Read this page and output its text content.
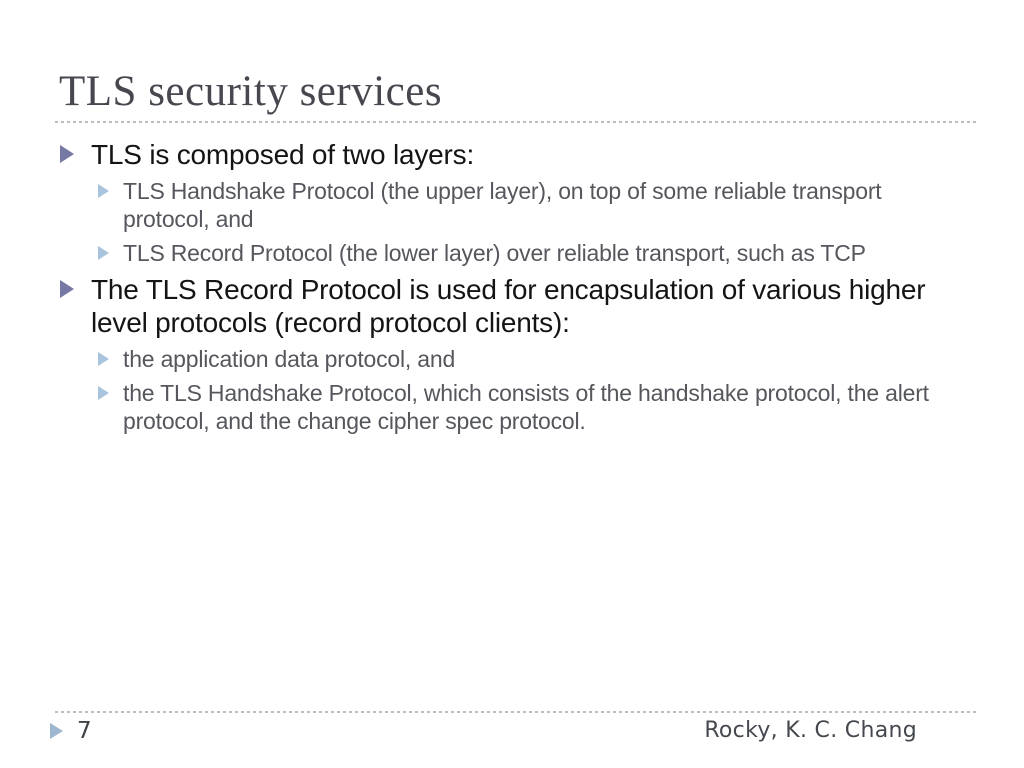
TLS security services
TLS is composed of two layers:
TLS Handshake Protocol (the upper layer), on top of some reliable transport protocol, and
TLS Record Protocol (the lower layer) over reliable transport, such as TCP
The TLS Record Protocol is used for encapsulation of various higher level protocols (record protocol clients):
the application data protocol, and
the TLS Handshake Protocol, which consists of the handshake protocol, the alert protocol, and the change cipher spec protocol.
7	Rocky, K. C. Chang
